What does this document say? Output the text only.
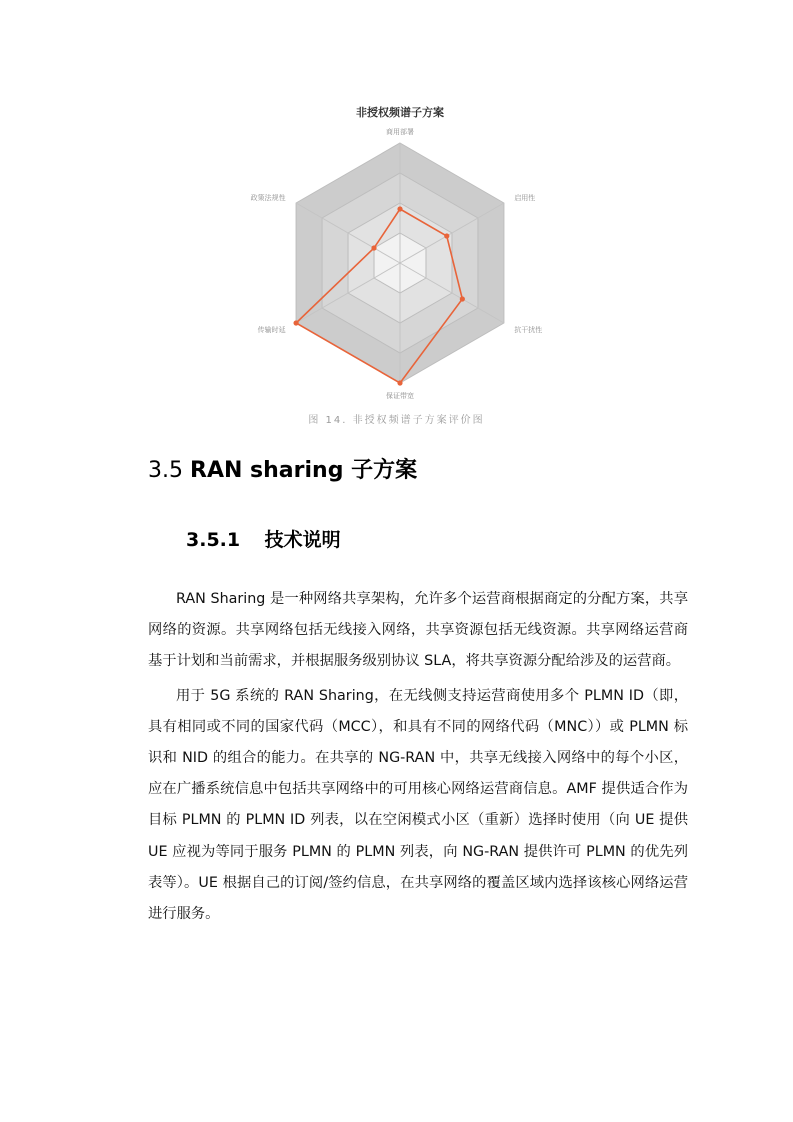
非授权频谱子方案
商用部署
启用性
抗干扰性
保证带宽
传输时延
政策法规性
图 14. 非授权频谱子方案评价图
3.5 RAN sharing 子方案
3.5.1 技术说明

RAN Sharing 是一种网络共享架构，允许多个运营商根据商定的分配方案，共享网络的资源。共享网络包括无线接入网络，共享资源包括无线资源。共享网络运营商基于计划和当前需求，并根据服务级别协议 SLA，将共享资源分配给涉及的运营商。

用于 5G 系统的 RAN Sharing，在无线侧支持运营商使用多个 PLMN ID（即，具有相同或不同的国家代码（MCC），和具有不同的网络代码（MNC））或 PLMN 标识和 NID 的组合的能力。在共享的 NG-RAN 中，共享无线接入网络中的每个小区，应在广播系统信息中包括共享网络中的可用核心网络运营商信息。AMF 提供适合作为目标 PLMN 的 PLMN ID 列表，以在空闲模式小区（重新）选择时使用（向 UE 提供 UE 应视为等同于服务 PLMN 的 PLMN 列表，向 NG-RAN 提供许可 PLMN 的优先列表等）。UE 根据自己的订阅/签约信息，在共享网络的覆盖区域内选择该核心网络运营进行服务。
